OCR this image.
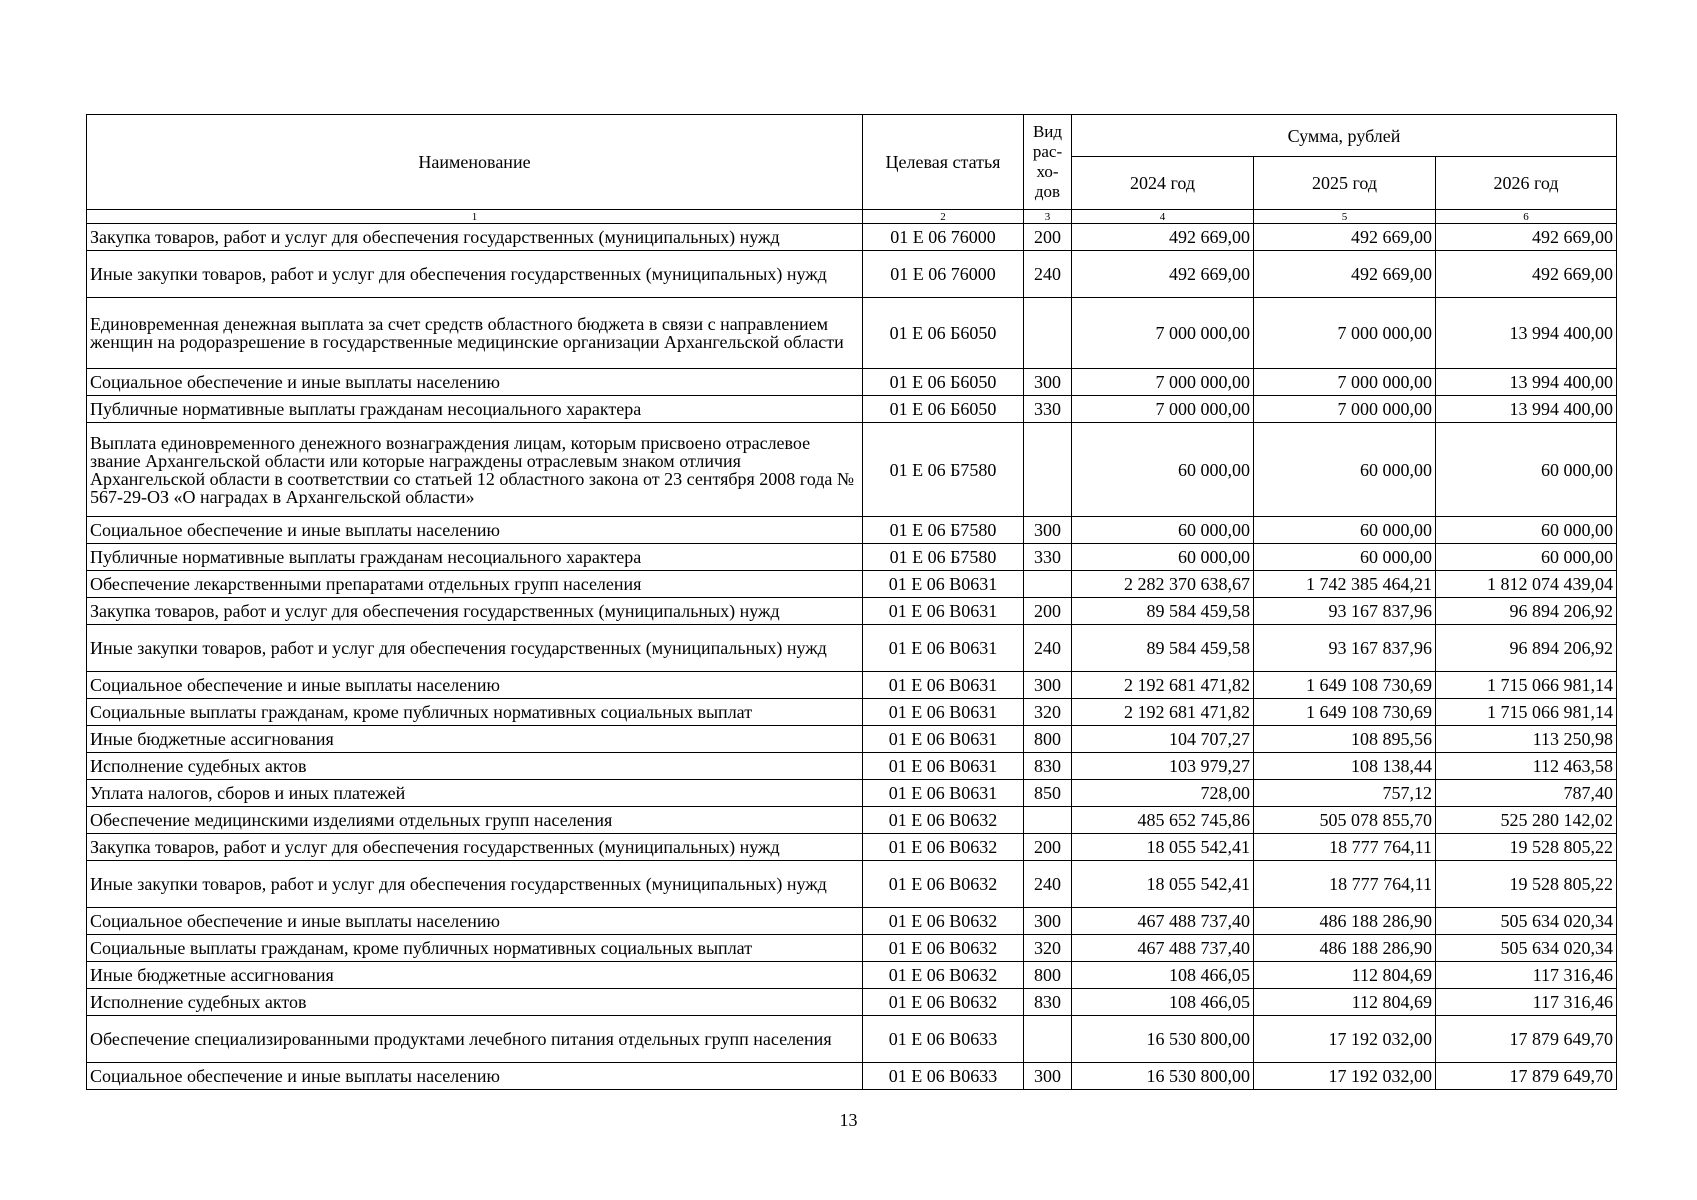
Наименование	Целевая статья	Вид рас-хо-дов	Сумма, рублей		
			2024 год	2025 год	2026 год
1	2	3	4	5	6
Закупка товаров, работ и услуг для обеспечения государственных (муниципальных) нужд	01 Е 06 76000	200	492 669,00	492 669,00	492 669,00
Иные закупки товаров, работ и услуг для обеспечения государственных (муниципальных) нужд	01 Е 06 76000	240	492 669,00	492 669,00	492 669,00
Единовременная денежная выплата за счет средств областного бюджета в связи с направлением женщин на родоразрешение в государственные медицинские организации Архангельской области	01 Е 06 Б6050		7 000 000,00	7 000 000,00	13 994 400,00
Социальное обеспечение и иные выплаты населению	01 Е 06 Б6050	300	7 000 000,00	7 000 000,00	13 994 400,00
Публичные нормативные выплаты гражданам несоциального характера	01 Е 06 Б6050	330	7 000 000,00	7 000 000,00	13 994 400,00
Выплата единовременного денежного вознаграждения лицам, которым присвоено отраслевое звание Архангельской области или которые награждены отраслевым знаком отличия Архангельской области в соответствии со статьей 12 областного закона от 23 сентября 2008 года № 567-29-ОЗ «О наградах в Архангельской области»	01 Е 06 Б7580		60 000,00	60 000,00	60 000,00
Социальное обеспечение и иные выплаты населению	01 Е 06 Б7580	300	60 000,00	60 000,00	60 000,00
Публичные нормативные выплаты гражданам несоциального характера	01 Е 06 Б7580	330	60 000,00	60 000,00	60 000,00
Обеспечение лекарственными препаратами отдельных групп населения	01 Е 06 В0631		2 282 370 638,67	1 742 385 464,21	1 812 074 439,04
Закупка товаров, работ и услуг для обеспечения государственных (муниципальных) нужд	01 Е 06 В0631	200	89 584 459,58	93 167 837,96	96 894 206,92
Иные закупки товаров, работ и услуг для обеспечения государственных (муниципальных) нужд	01 Е 06 В0631	240	89 584 459,58	93 167 837,96	96 894 206,92
Социальное обеспечение и иные выплаты населению	01 Е 06 В0631	300	2 192 681 471,82	1 649 108 730,69	1 715 066 981,14
Социальные выплаты гражданам, кроме публичных нормативных социальных выплат	01 Е 06 В0631	320	2 192 681 471,82	1 649 108 730,69	1 715 066 981,14
Иные бюджетные ассигнования	01 Е 06 В0631	800	104 707,27	108 895,56	113 250,98
Исполнение судебных актов	01 Е 06 В0631	830	103 979,27	108 138,44	112 463,58
Уплата налогов, сборов и иных платежей	01 Е 06 В0631	850	728,00	757,12	787,40
Обеспечение медицинскими изделиями отдельных групп населения	01 Е 06 В0632		485 652 745,86	505 078 855,70	525 280 142,02
Закупка товаров, работ и услуг для обеспечения государственных (муниципальных) нужд	01 Е 06 В0632	200	18 055 542,41	18 777 764,11	19 528 805,22
Иные закупки товаров, работ и услуг для обеспечения государственных (муниципальных) нужд	01 Е 06 В0632	240	18 055 542,41	18 777 764,11	19 528 805,22
Социальное обеспечение и иные выплаты населению	01 Е 06 В0632	300	467 488 737,40	486 188 286,90	505 634 020,34
Социальные выплаты гражданам, кроме публичных нормативных социальных выплат	01 Е 06 В0632	320	467 488 737,40	486 188 286,90	505 634 020,34
Иные бюджетные ассигнования	01 Е 06 В0632	800	108 466,05	112 804,69	117 316,46
Исполнение судебных актов	01 Е 06 В0632	830	108 466,05	112 804,69	117 316,46
Обеспечение специализированными продуктами лечебного питания отдельных групп населения	01 Е 06 В0633		16 530 800,00	17 192 032,00	17 879 649,70
Социальное обеспечение и иные выплаты населению	01 Е 06 В0633	300	16 530 800,00	17 192 032,00	17 879 649,70
13
